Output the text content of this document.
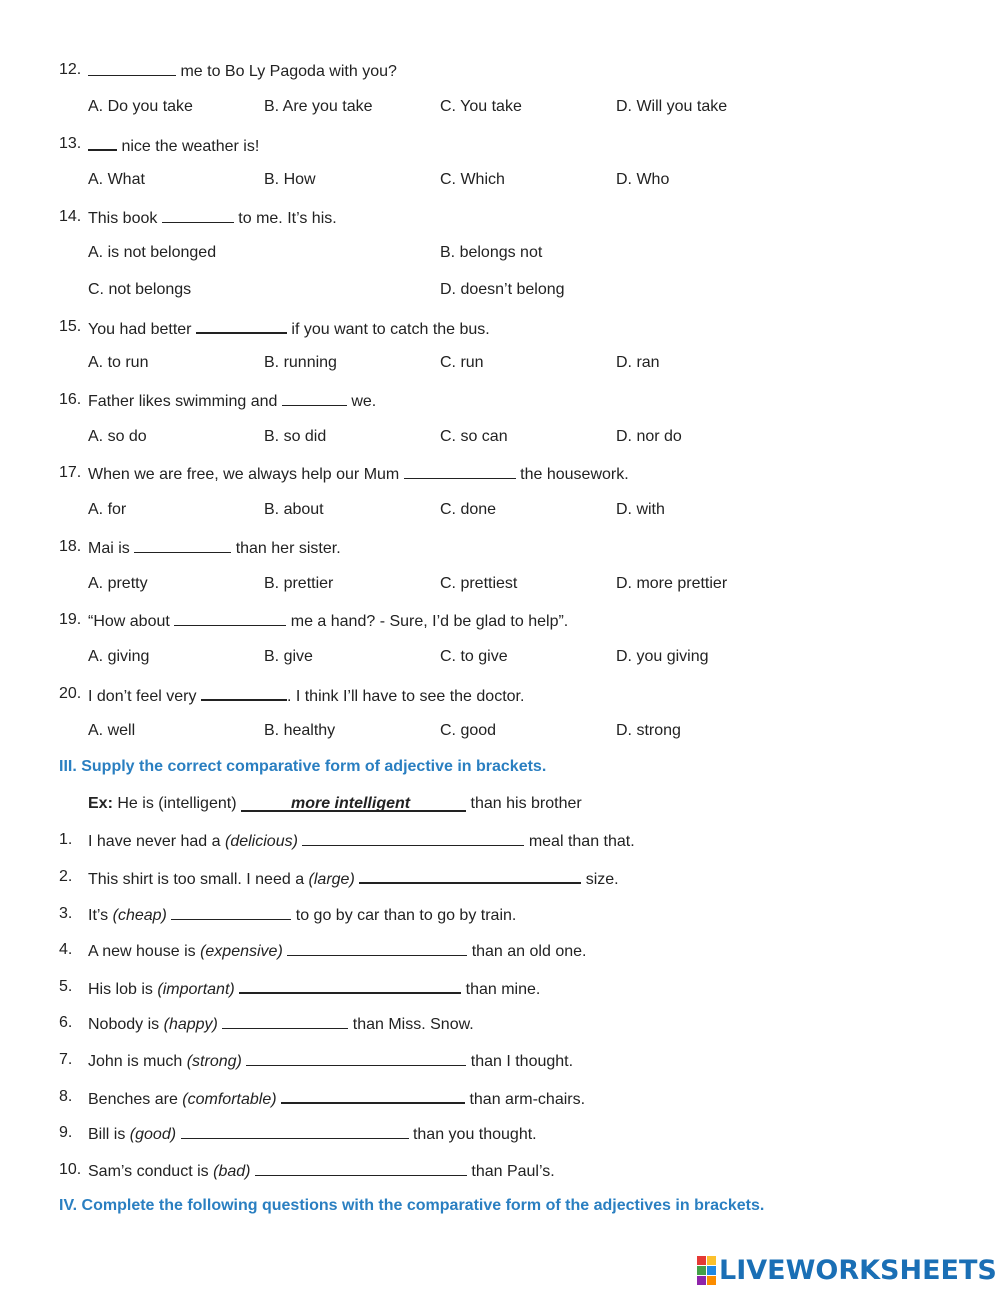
12.	me to Bo Ly Pagoda with you?
A. Do you take	B. Are you take	C. You take	D. Will you take
13.	nice the weather is!
A. What	B. How	C. Which	D. Who
14. This book	to me. It’s his.
A. is not belonged	B. belongs not
C. not belongs	D. doesn’t belong
15. You had better	if you want to catch the bus.
A. to run	B. running	C. run	D. ran
16. Father likes swimming and	we.
A. so do	B. so did	C. so can	D. nor do
17. When we are free, we always help our Mum	the housework.
A. for	B. about	C. done	D. with
18. Mai is	than her sister.
A. pretty	B. prettier	C. prettiest	D. more prettier
19. “How about	me a hand? - Sure, I’d be glad to help”.
A. giving	B. give	C. to give	D. you giving
20. I don’t feel very	. I think I’ll have to see the doctor.
A. well	B. healthy	C. good	D. strong
III. Supply the correct comparative form of adjective in brackets.
Ex: He is (intelligent)	more intelligent	than his brother
1. I have never had a (delicious)	meal than that.
2. This shirt is too small. I need a (large)	size.
3. It’s (cheap)	to go by car than to go by train.
4. A new house is (expensive)	than an old one.
5. His lob is (important)	than mine.
6. Nobody is (happy)	than Miss. Snow.
7. John is much (strong)	than I thought.
8. Benches are (comfortable)	than arm-chairs.
9. Bill is (good)	than you thought.
10. Sam’s conduct is (bad)	than Paul’s.
IV. Complete the following questions with the comparative form of the adjectives in brackets.
LIVEWORKSHEETS
